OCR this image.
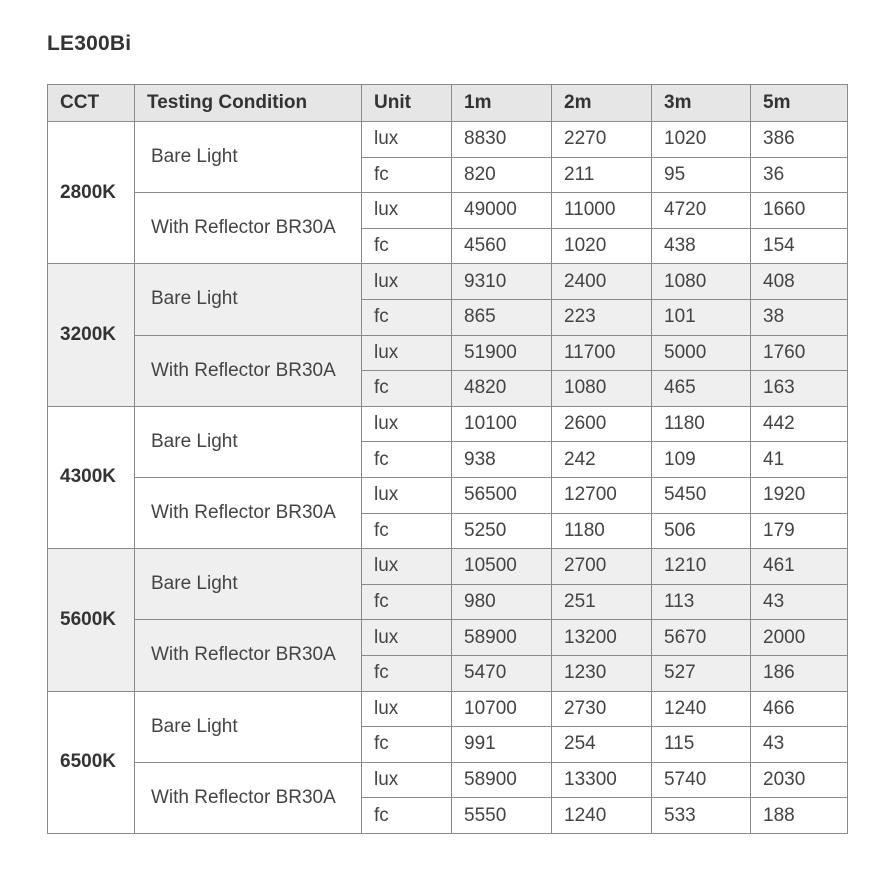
LE300Bi
CCT	Testing Condition	Unit	1m	2m	3m	5m
2800K	Bare Light	lux	8830	2270	1020	386
		fc	820	211	95	36
	With Reflector BR30A	lux	49000	11000	4720	1660
		fc	4560	1020	438	154
3200K	Bare Light	lux	9310	2400	1080	408
		fc	865	223	101	38
	With Reflector BR30A	lux	51900	11700	5000	1760
		fc	4820	1080	465	163
4300K	Bare Light	lux	10100	2600	1180	442
		fc	938	242	109	41
	With Reflector BR30A	lux	56500	12700	5450	1920
		fc	5250	1180	506	179
5600K	Bare Light	lux	10500	2700	1210	461
		fc	980	251	113	43
	With Reflector BR30A	lux	58900	13200	5670	2000
		fc	5470	1230	527	186
6500K	Bare Light	lux	10700	2730	1240	466
		fc	991	254	115	43
	With Reflector BR30A	lux	58900	13300	5740	2030
		fc	5550	1240	533	188
